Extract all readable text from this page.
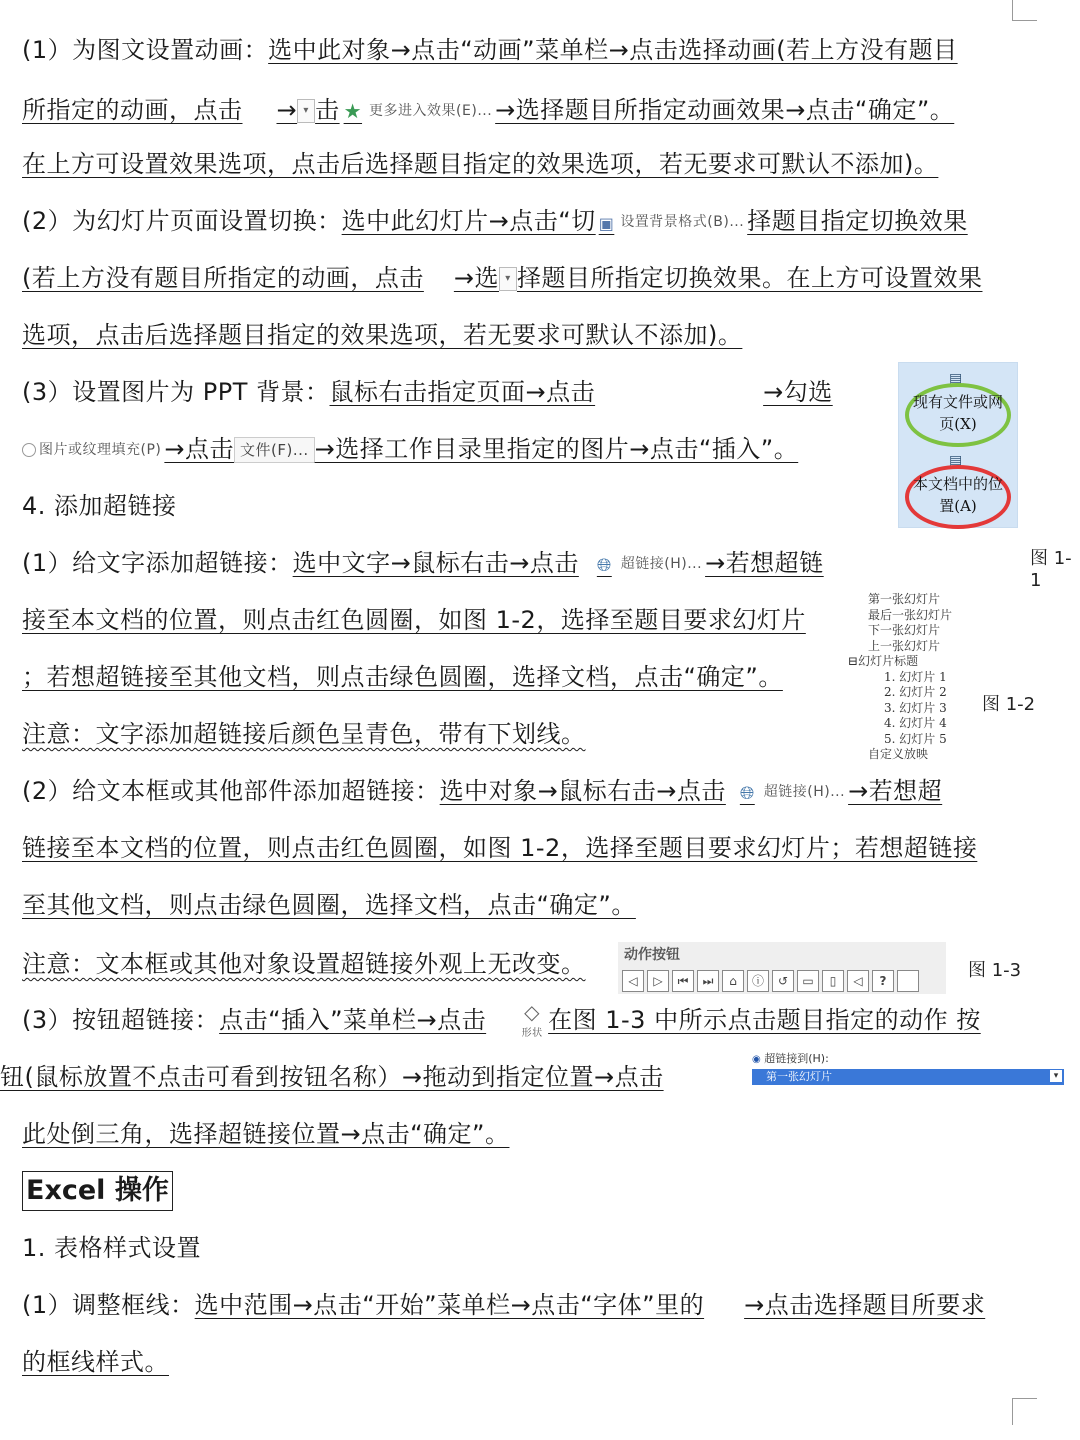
(1）为图文设置动画：选中此对象→点击“动画”菜单栏→点击选择动画(若上方没有题目
所指定的动画，点击 → ▾ 击 ★ 更多进入效果(E)... →选择题目所指定动画效果→点击“确定”。
在上方可设置效果选项，点击后选择题目指定的效果选项，若无要求可默认不添加)。
(2）为幻灯片页面设置切换：选中此幻灯片→点击“切 ▣ 设置背景格式(B)... 择题目指定切换效果
(若上方没有题目所指定的动画，点击 →选 ▾ 择题目所指定切换效果。在上方可设置效果
选项，点击后选择题目指定的效果选项，若无要求可默认不添加)。
(3）设置图片为 PPT 背景：鼠标右击指定页面→点击	→勾选
图片或纹理填充(P) →点击 文件(F)... →选择工作目录里指定的图片→点击“插入”。
4. 添加超链接
(1）给文字添加超链接：选中文字→鼠标右击→点击 🌐︎ 超链接(H)... →若想超链
接至本文档的位置，则点击红色圆圈，如图 1-2，选择至题目要求幻灯片
；若想超链接至其他文档，则点击绿色圆圈，选择文档，点击“确定”。
注意：文字添加超链接后颜色呈青色，带有下划线。
(2）给文本框或其他部件添加超链接：选中对象→鼠标右击→点击 🌐︎ 超链接(H)... →若想超
链接至本文档的位置，则点击红色圆圈，如图 1-2，选择至题目要求幻灯片；若想超链接
至其他文档，则点击绿色圆圈，选择文档，点击“确定”。
注意：文本框或其他对象设置超链接外观上无改变。
(3）按钮超链接：点击“插入”菜单栏→点击 ◇
形状 在图 1-3 中所示点击题目指定的动作 按
钮(鼠标放置不点击可看到按钮名称）→拖动到指定位置→点击
此处倒三角，选择超链接位置→点击“确定”。
▤
现有文件或网页(X)
▤
本文档中的位置(A)
图 1-1
第一张幻灯片
最后一张幻灯片
下一张幻灯片
上一张幻灯片
⊟幻灯片标题
1. 幻灯片 1
2. 幻灯片 2
3. 幻灯片 3
4. 幻灯片 4
5. 幻灯片 5
自定义放映
图 1-2
动作按钮
◁	▷	⏮	⏭	⌂	ⓘ	↺	▭	▯	◁	?	图 1-3
◉ 超链接到(H):
第一张幻灯片	▾
Excel 操作
1. 表格样式设置
(1）调整框线：选中范围→点击“开始”菜单栏→点击“字体”里的 →点击选择题目所要求
的框线样式。
